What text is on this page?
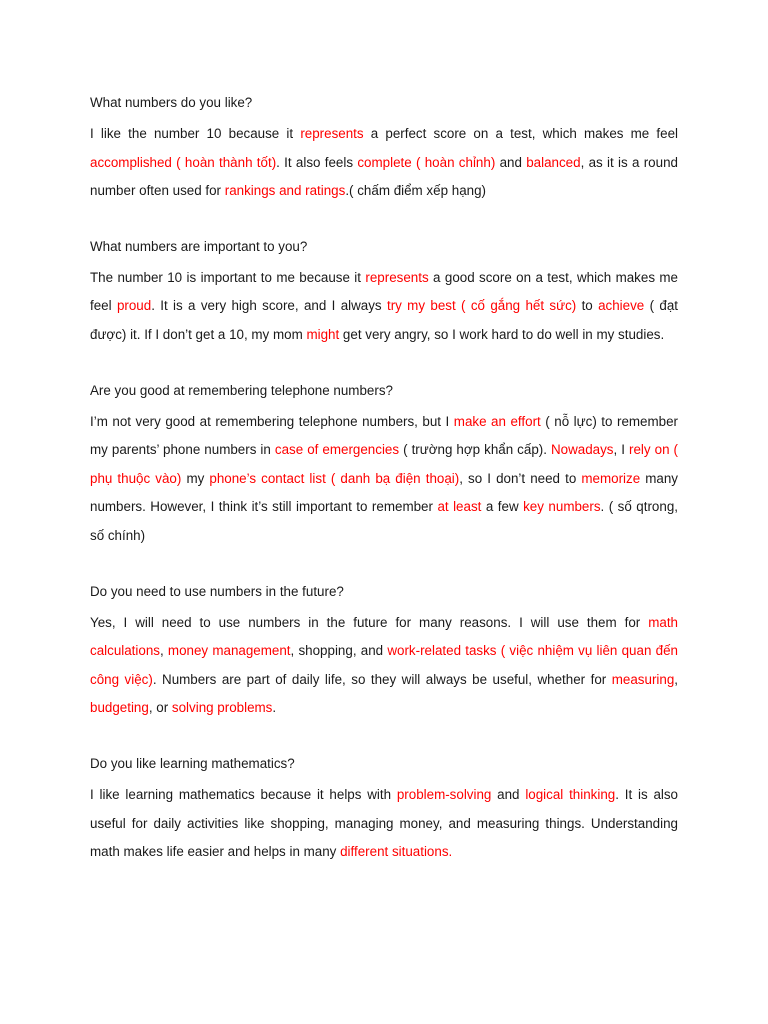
What numbers do you like?

I like the number 10 because it represents a perfect score on a test, which makes me feel accomplished ( hoàn thành tốt). It also feels complete ( hoàn chỉnh) and balanced, as it is a round number often used for rankings and ratings.( chấm điểm xếp hạng)

What numbers are important to you?

The number 10 is important to me because it represents a good score on a test, which makes me feel proud. It is a very high score, and I always try my best ( cố gắng hết sức) to achieve ( đạt được) it. If I don’t get a 10, my mom might get very angry, so I work hard to do well in my studies.

Are you good at remembering telephone numbers?

I’m not very good at remembering telephone numbers, but I make an effort ( nỗ lực) to remember my parents’ phone numbers in case of emergencies ( trường hợp khẩn cấp). Nowadays, I rely on ( phụ thuộc vào) my phone’s contact list ( danh bạ điện thoại), so I don’t need to memorize many numbers. However, I think it’s still important to remember at least a few key numbers. ( số qtrong, số chính)

Do you need to use numbers in the future?

Yes, I will need to use numbers in the future for many reasons. I will use them for math calculations, money management, shopping, and work-related tasks ( việc nhiệm vụ liên quan đến công việc). Numbers are part of daily life, so they will always be useful, whether for measuring, budgeting, or solving problems.

Do you like learning mathematics?

I like learning mathematics because it helps with problem-solving and logical thinking. It is also useful for daily activities like shopping, managing money, and measuring things. Understanding math makes life easier and helps in many different situations.
